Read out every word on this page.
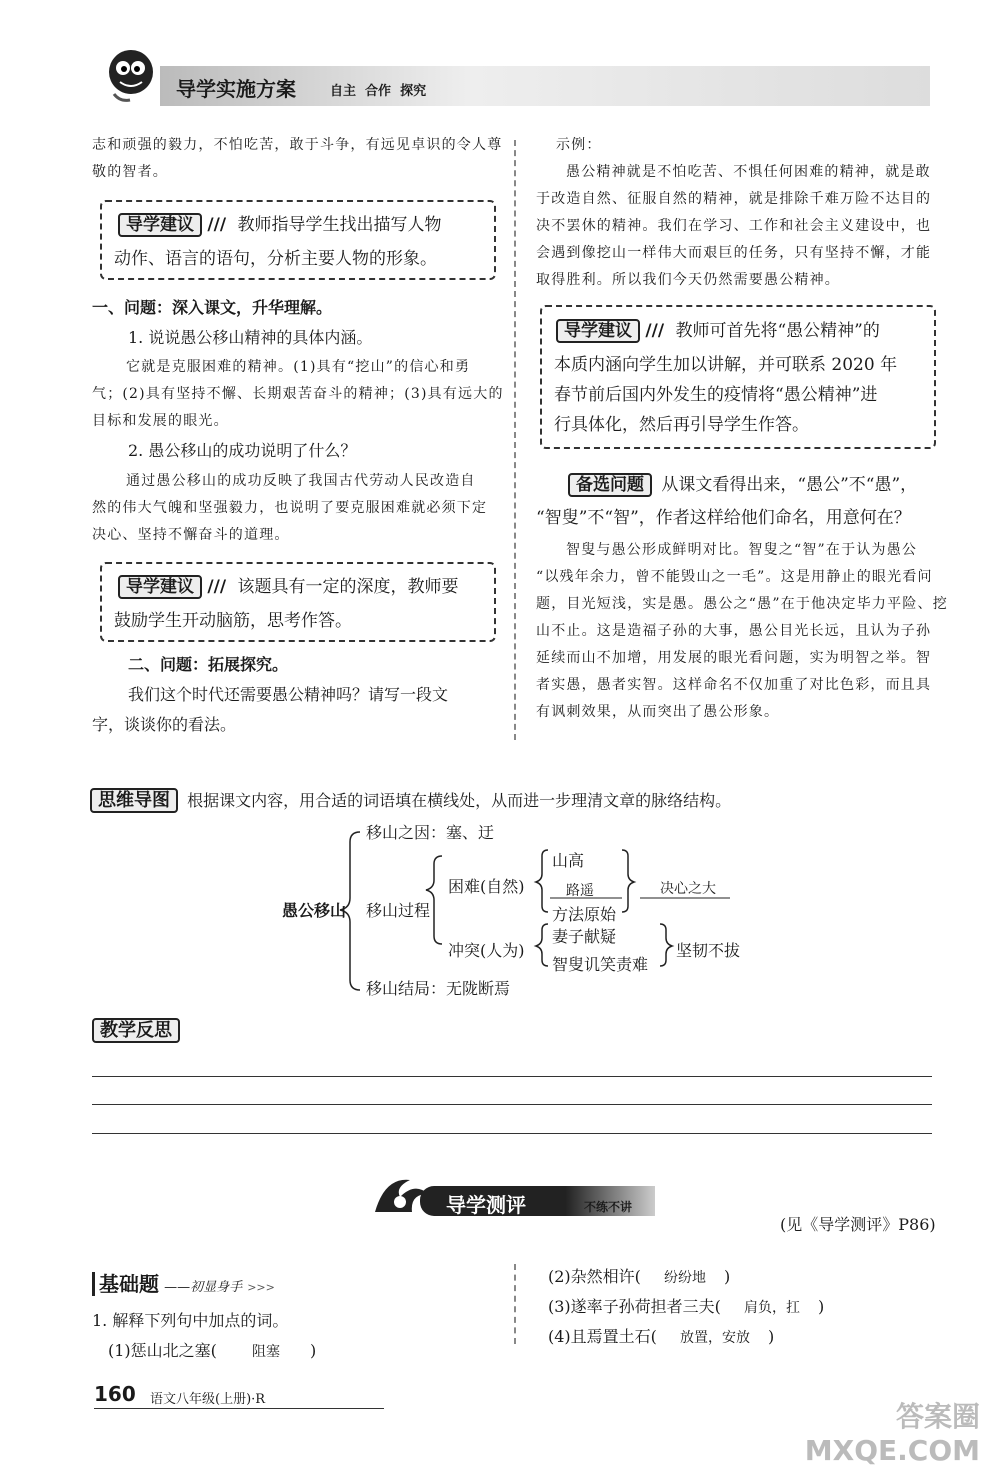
导学实施方案	自主  合作  探究
志和顽强的毅力，不怕吃苦，敢于斗争，有远见卓识的令人尊
敬的智者。
导学建议 /// 教师指导学生找出描写人物
动作、语言的语句，分析主要人物的形象。
一、问题：深入课文，升华理解。
1. 说说愚公移山精神的具体内涵。
它就是克服困难的精神。(1)具有“挖山”的信心和勇
气；(2)具有坚持不懈、长期艰苦奋斗的精神；(3)具有远大的
目标和发展的眼光。
2. 愚公移山的成功说明了什么？
通过愚公移山的成功反映了我国古代劳动人民改造自
然的伟大气魄和坚强毅力，也说明了要克服困难就必须下定
决心、坚持不懈奋斗的道理。
导学建议 /// 该题具有一定的深度，教师要
鼓励学生开动脑筋，思考作答。
二、问题：拓展探究。
我们这个时代还需要愚公精神吗？请写一段文
字，谈谈你的看法。
示例：
愚公精神就是不怕吃苦、不惧任何困难的精神，就是敢
于改造自然、征服自然的精神，就是排除千难万险不达目的
决不罢休的精神。我们在学习、工作和社会主义建设中，也
会遇到像挖山一样伟大而艰巨的任务，只有坚持不懈，才能
取得胜利。所以我们今天仍然需要愚公精神。
导学建议 /// 教师可首先将“愚公精神”的
本质内涵向学生加以讲解，并可联系 2020 年
春节前后国内外发生的疫情将“愚公精神”进
行具体化，然后再引导学生作答。
备选问题 从课文看得出来，“愚公”不“愚”，
“智叟”不“智”，作者这样给他们命名，用意何在？
智叟与愚公形成鲜明对比。智叟之“智”在于认为愚公
“以残年余力，曾不能毁山之一毛”。这是用静止的眼光看问
题，目光短浅，实是愚。愚公之“愚”在于他决定毕力平险、挖
山不止。这是造福子孙的大事，愚公目光长远，且认为子孙
延续而山不加增，用发展的眼光看问题，实为明智之举。智
者实愚，愚者实智。这样命名不仅加重了对比色彩，而且具
有讽刺效果，从而突出了愚公形象。
思维导图 根据课文内容，用合适的词语填在横线处，从而进一步理清文章的脉络结构。
愚公移山
移山之因：塞、迂
移山过程
困难(自然)
山高
路遥
方法原始
决心之大
冲突(人为)
妻子献疑
智叟讥笑责难
坚韧不拔
移山结局：无陇断焉
教学反思
导学测评	不练不讲
(见《导学测评》P86)
基础题 ——初显身手 >>>
1. 解释下列句中加点的词。
(1)惩山北之塞(	阻塞 )
(2)杂然相许( 纷纷地 )
(3)遂率子孙荷担者三夫( 肩负，扛 )
(4)且焉置土石( 放置，安放 )
160 语文八年级(上册)·R
答案圈 MXQE.COM
